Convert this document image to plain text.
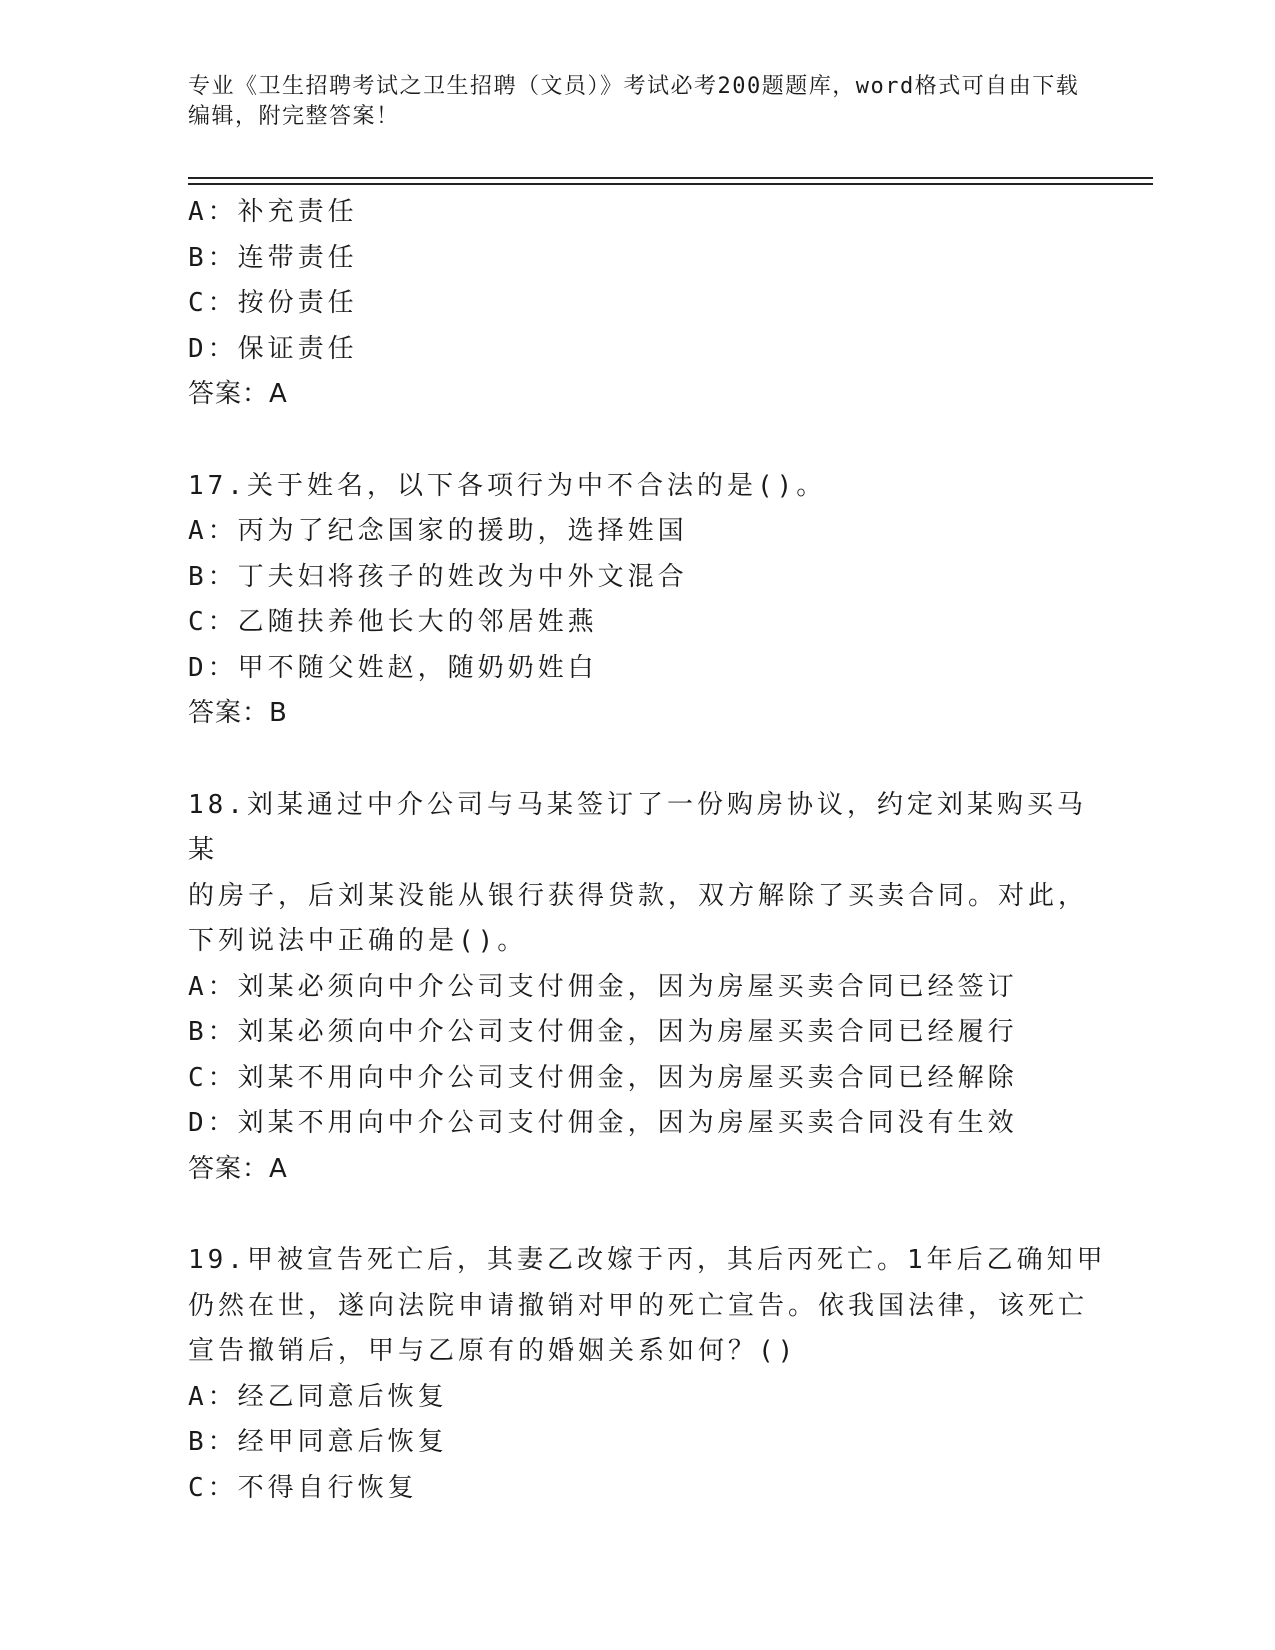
专业《卫生招聘考试之卫生招聘（文员）》考试必考200题题库，word格式可自由下载编辑，附完整答案！
A：补充责任
B：连带责任
C：按份责任
D：保证责任
答案：A
17.关于姓名，以下各项行为中不合法的是()。
A：丙为了纪念国家的援助，选择姓国
B：丁夫妇将孩子的姓改为中外文混合
C：乙随扶养他长大的邻居姓燕
D：甲不随父姓赵，随奶奶姓白
答案：B
18.刘某通过中介公司与马某签订了一份购房协议，约定刘某购买马某
的房子，后刘某没能从银行获得贷款，双方解除了买卖合同。对此，
下列说法中正确的是()。
A：刘某必须向中介公司支付佣金，因为房屋买卖合同已经签订
B：刘某必须向中介公司支付佣金，因为房屋买卖合同已经履行
C：刘某不用向中介公司支付佣金，因为房屋买卖合同已经解除
D：刘某不用向中介公司支付佣金，因为房屋买卖合同没有生效
答案：A
19.甲被宣告死亡后，其妻乙改嫁于丙，其后丙死亡。1年后乙确知甲
仍然在世，遂向法院申请撤销对甲的死亡宣告。依我国法律，该死亡
宣告撤销后，甲与乙原有的婚姻关系如何？()
A：经乙同意后恢复
B：经甲同意后恢复
C：不得自行恢复
